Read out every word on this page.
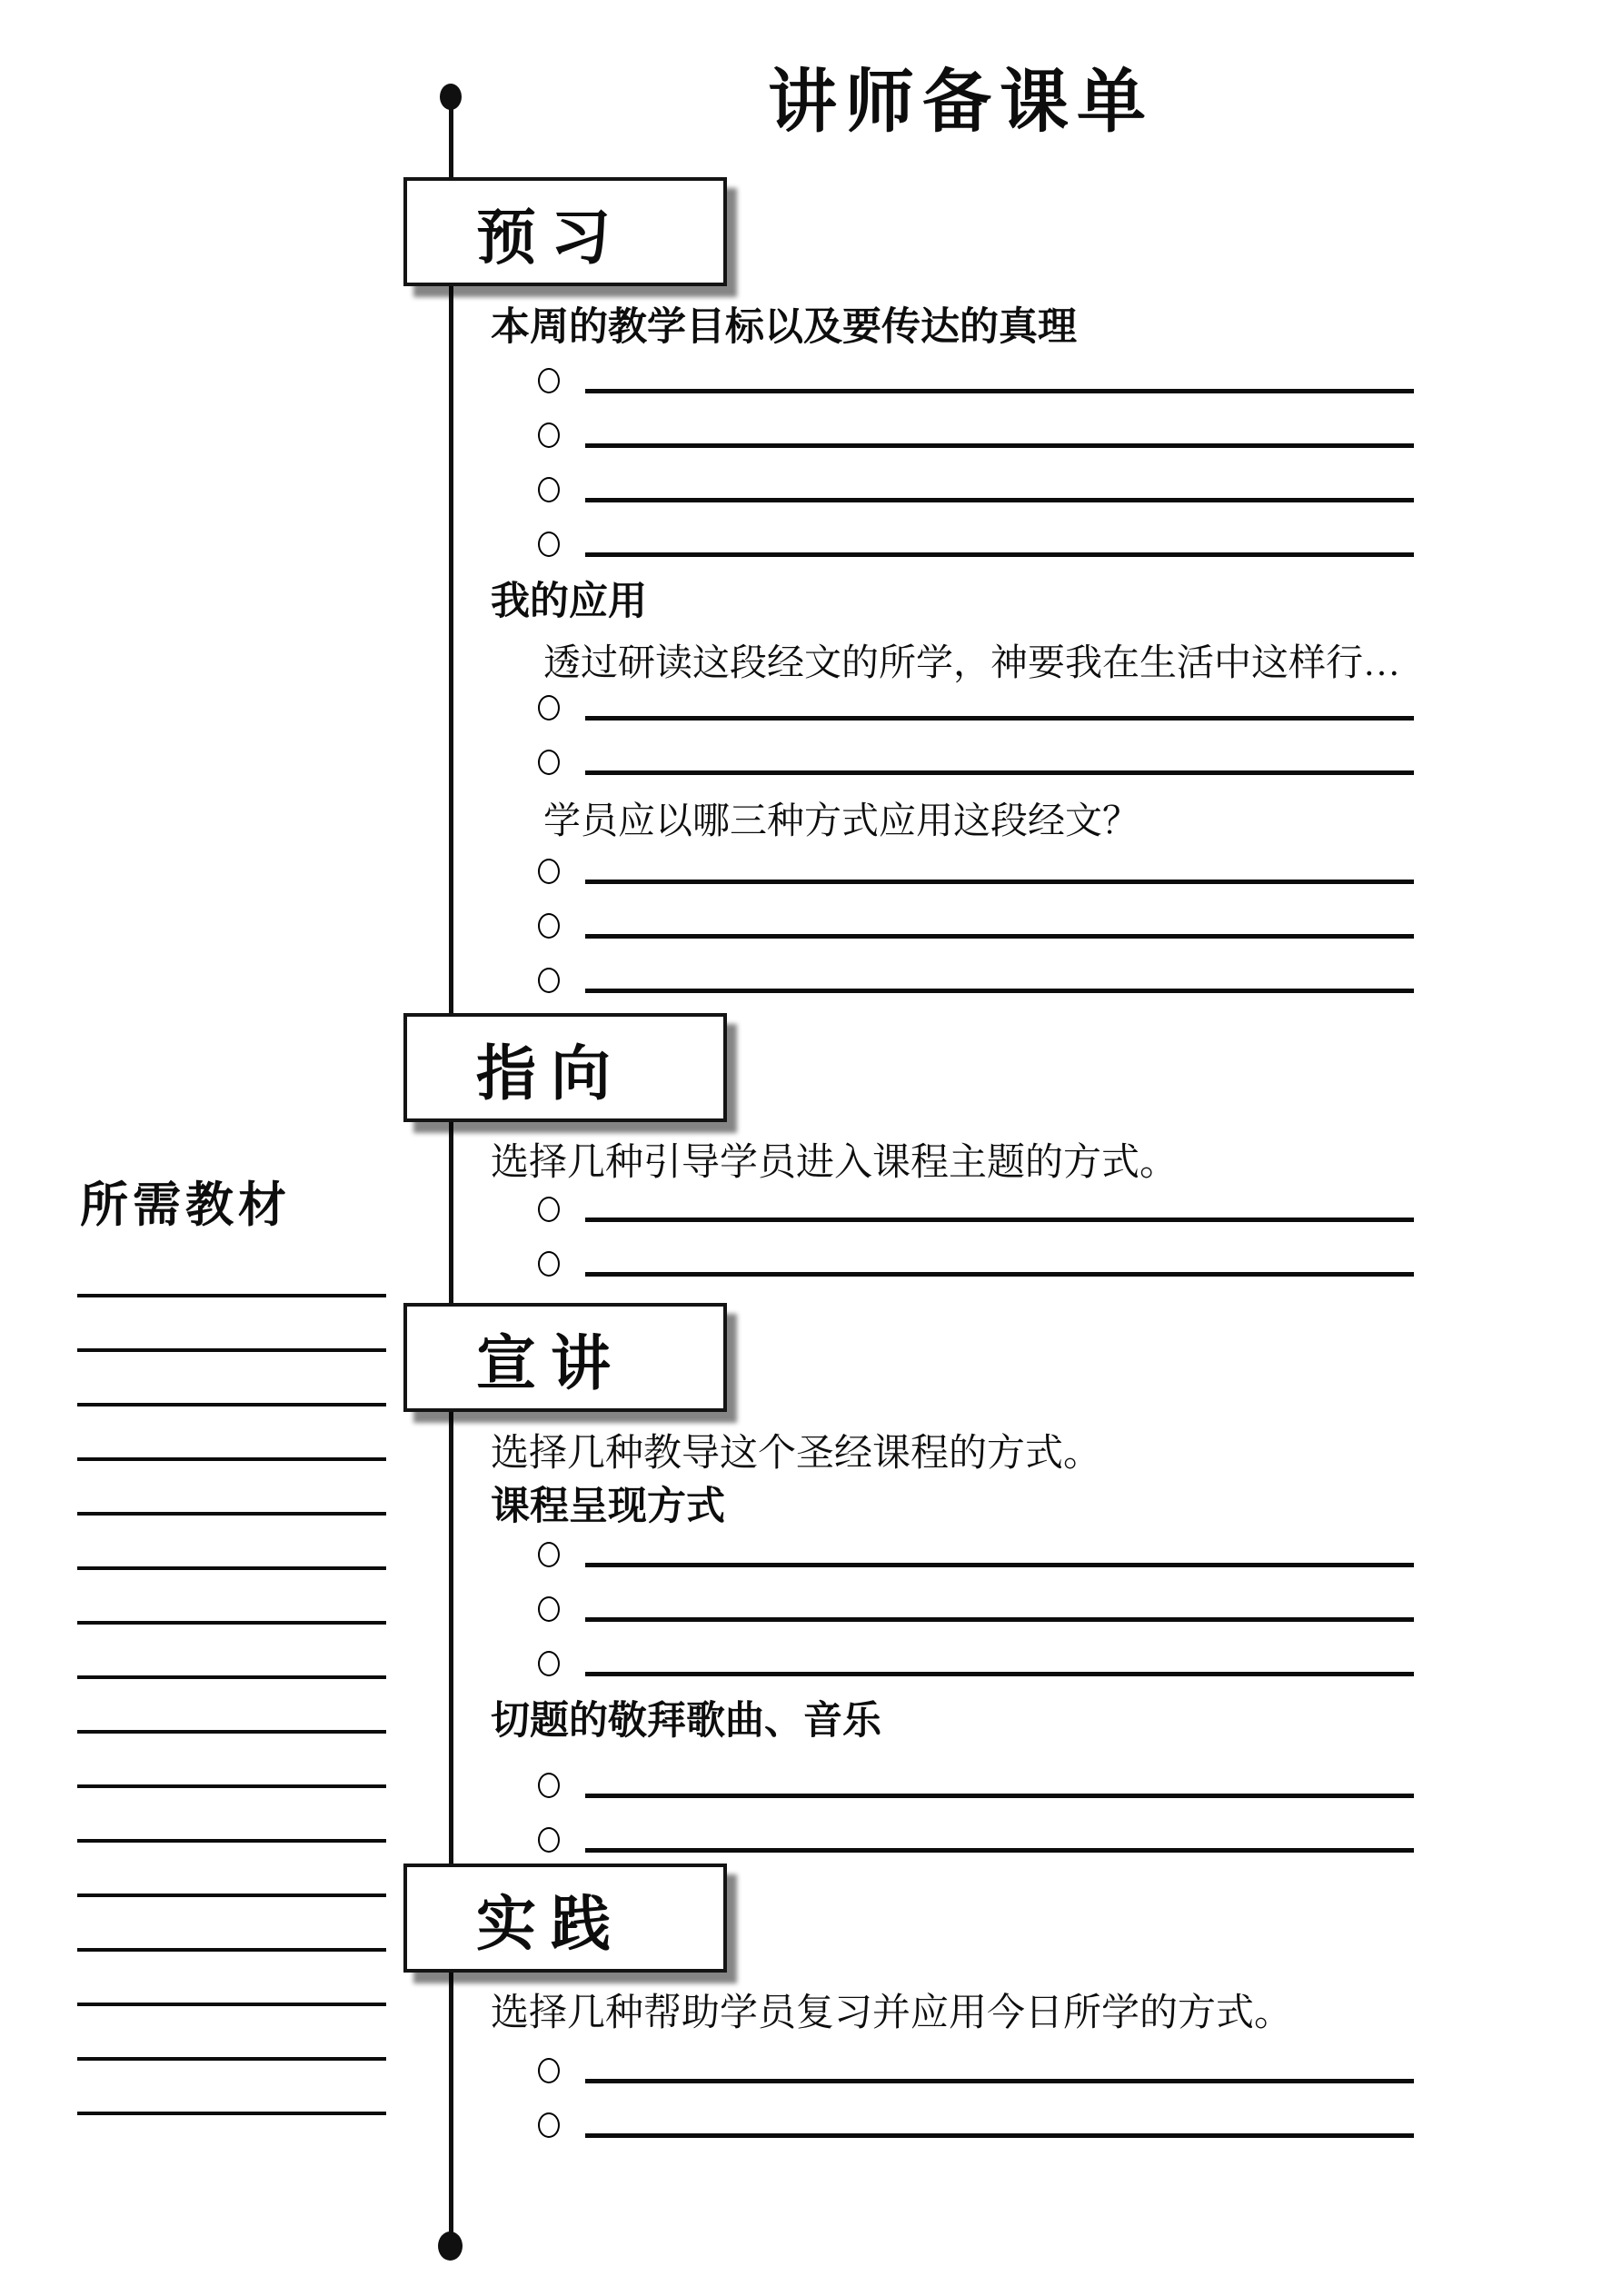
讲师备课单
预习
本周的教学目标以及要传达的真理
我的应用
透过研读这段经文的所学，神要我在生活中这样行…
学员应以哪三种方式应用这段经文？
指向
选择几种引导学员进入课程主题的方式。
所需教材
宣讲
选择几种教导这个圣经课程的方式。
课程呈现方式
切题的敬拜歌曲、音乐
实践
选择几种帮助学员复习并应用今日所学的方式。
